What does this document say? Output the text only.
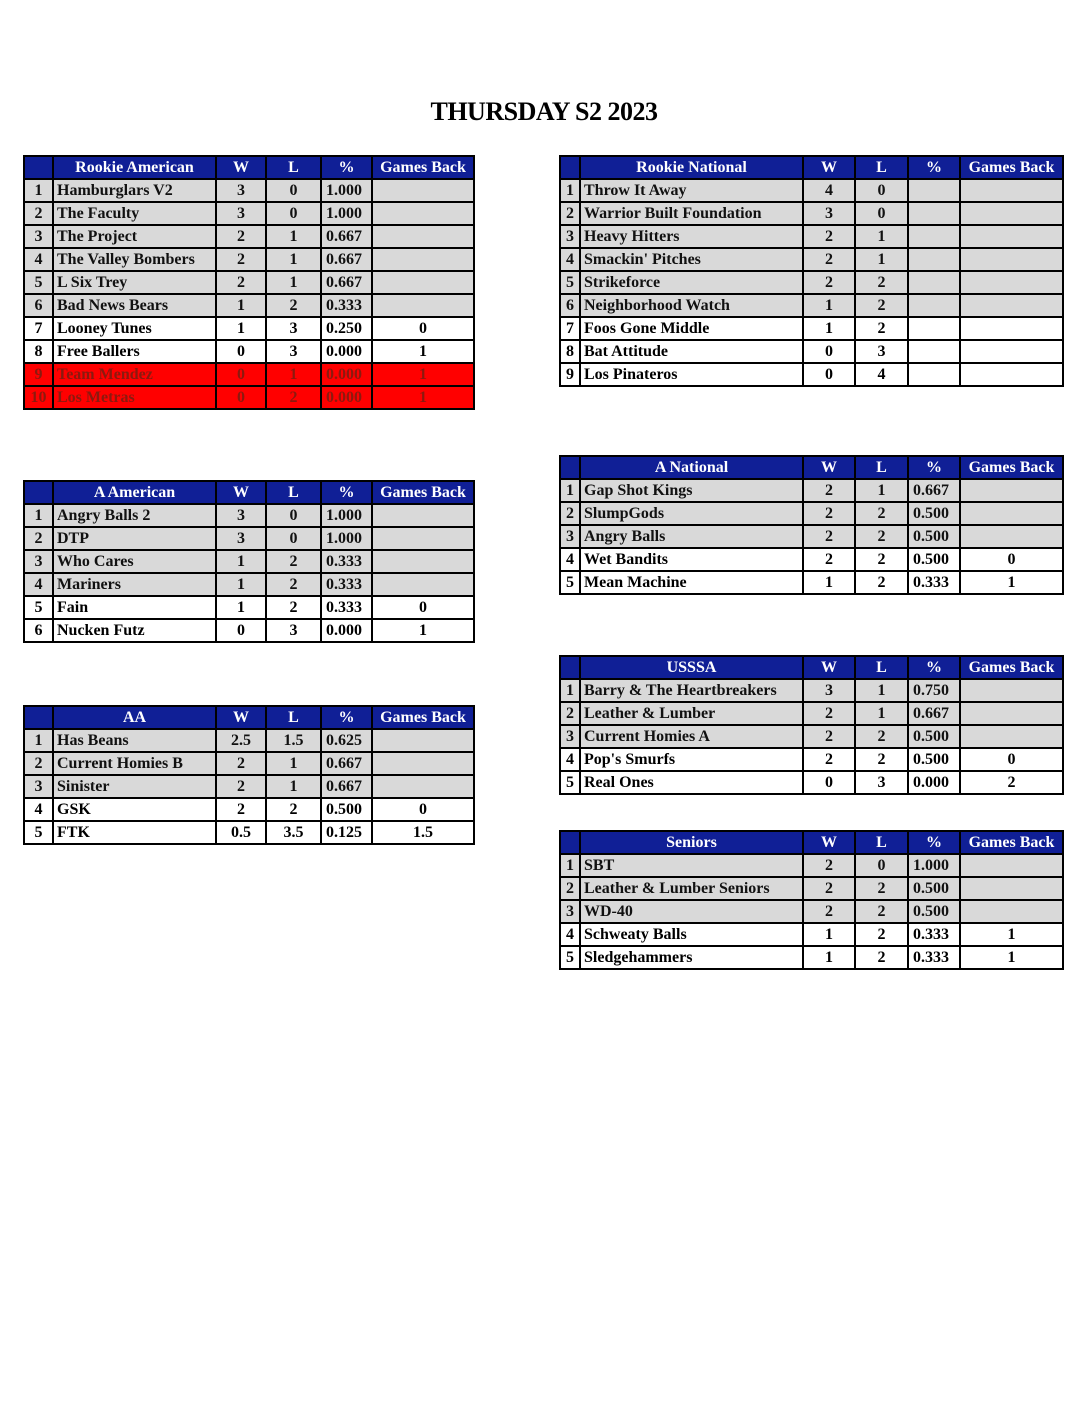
THURSDAY S2 2023
	Rookie American	W	L	%	Games Back
1	Hamburglars V2	3	0	1.000	
2	The Faculty	3	0	1.000	
3	The Project	2	1	0.667	
4	The Valley Bombers	2	1	0.667	
5	L Six Trey	2	1	0.667	
6	Bad News Bears	1	2	0.333	
7	Looney Tunes	1	3	0.250	0
8	Free Ballers	0	3	0.000	1
9	Team Mendez	0	1	0.000	1
10	Los Metras	0	2	0.000	1
	A American	W	L	%	Games Back
1	Angry Balls 2	3	0	1.000	
2	DTP	3	0	1.000	
3	Who Cares	1	2	0.333	
4	Mariners	1	2	0.333	
5	Fain	1	2	0.333	0
6	Nucken Futz	0	3	0.000	1
	AA	W	L	%	Games Back
1	Has Beans	2.5	1.5	0.625	
2	Current Homies B	2	1	0.667	
3	Sinister	2	1	0.667	
4	GSK	2	2	0.500	0
5	FTK	0.5	3.5	0.125	1.5
	Rookie National	W	L	%	Games Back
1	Throw It Away	4	0		
2	Warrior Built Foundation	3	0		
3	Heavy Hitters	2	1		
4	Smackin' Pitches	2	1		
5	Strikeforce	2	2		
6	Neighborhood Watch	1	2		
7	Foos Gone Middle	1	2		
8	Bat Attitude	0	3		
9	Los Pinateros	0	4		
	A National	W	L	%	Games Back
1	Gap Shot Kings	2	1	0.667	
2	SlumpGods	2	2	0.500	
3	Angry Balls	2	2	0.500	
4	Wet Bandits	2	2	0.500	0
5	Mean Machine	1	2	0.333	1
	USSSA	W	L	%	Games Back
1	Barry & The Heartbreakers	3	1	0.750	
2	Leather & Lumber	2	1	0.667	
3	Current Homies A	2	2	0.500	
4	Pop's Smurfs	2	2	0.500	0
5	Real Ones	0	3	0.000	2
	Seniors	W	L	%	Games Back
1	SBT	2	0	1.000	
2	Leather & Lumber Seniors	2	2	0.500	
3	WD-40	2	2	0.500	
4	Schweaty Balls	1	2	0.333	1
5	Sledgehammers	1	2	0.333	1
